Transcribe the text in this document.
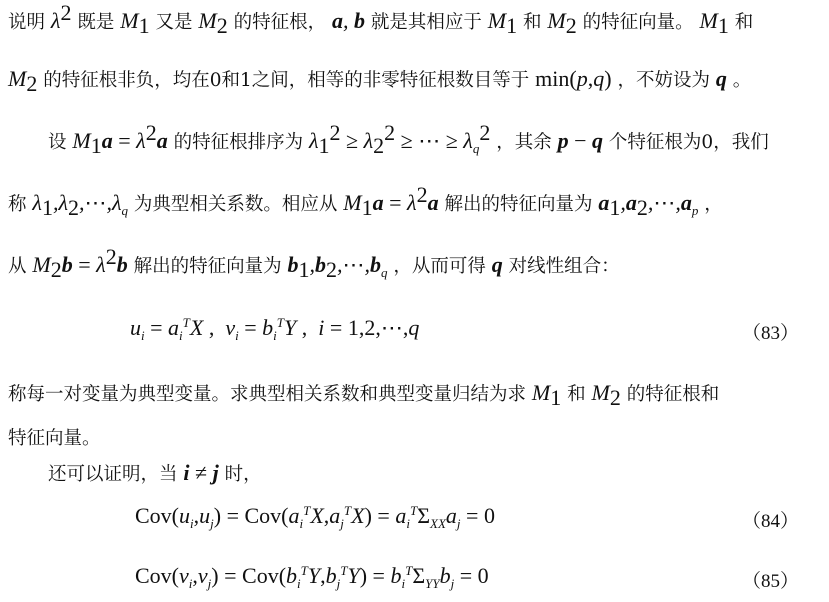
说明 $\lambda^2$ 既是 $M_1$ 又是 $M_2$ 的特征根， a, b 就是其相应于 $M_1$ 和 $M_2$ 的特征向量。 $M_1$ 和
$M_2$ 的特征根非负，均在0和1之间，相等的非零特征根数目等于 min(p,q) ，不妨设为 q 。
设 $M_1a = \lambda^2a$ 的特征根排序为 $\lambda_1^2 \ge \lambda_2^2$ ≥ ⋯ ≥ $\lambda_q^2$ ，其余 p − q 个特征根为0，我们
称 $\lambda_1,\lambda_2,\cdots,\lambda_q$ 为典型相关系数。相应从 $M_1a = \lambda^2a$ 解出的特征向量为 $a_1,a_2,\cdots,a_p$ ，
从 $M_2b = \lambda^2b$ 解出的特征向量为 $b_1,b_2,\cdots,b_q$ ，从而可得 q 对线性组合：
$u_i = a_i^TX$ ,  $v_i = b_i^TY$ ,  i = 1,2,⋯,q	（83）
称每一对变量为典型变量。求典型相关系数和典型变量归结为求 $M_1$ 和 $M_2$ 的特征根和
特征向量。
还可以证明，当 i ≠ j 时，
$Cov(u_i,u_j) = Cov(a_i^TX,a_j^TX) = a_i^T\Sigma_{XX}a_j = 0$	（84）
$Cov(v_i,v_j) = Cov(b_i^TY,b_j^TY) = b_i^T\Sigma_{YY}b_j = 0$	（85）
